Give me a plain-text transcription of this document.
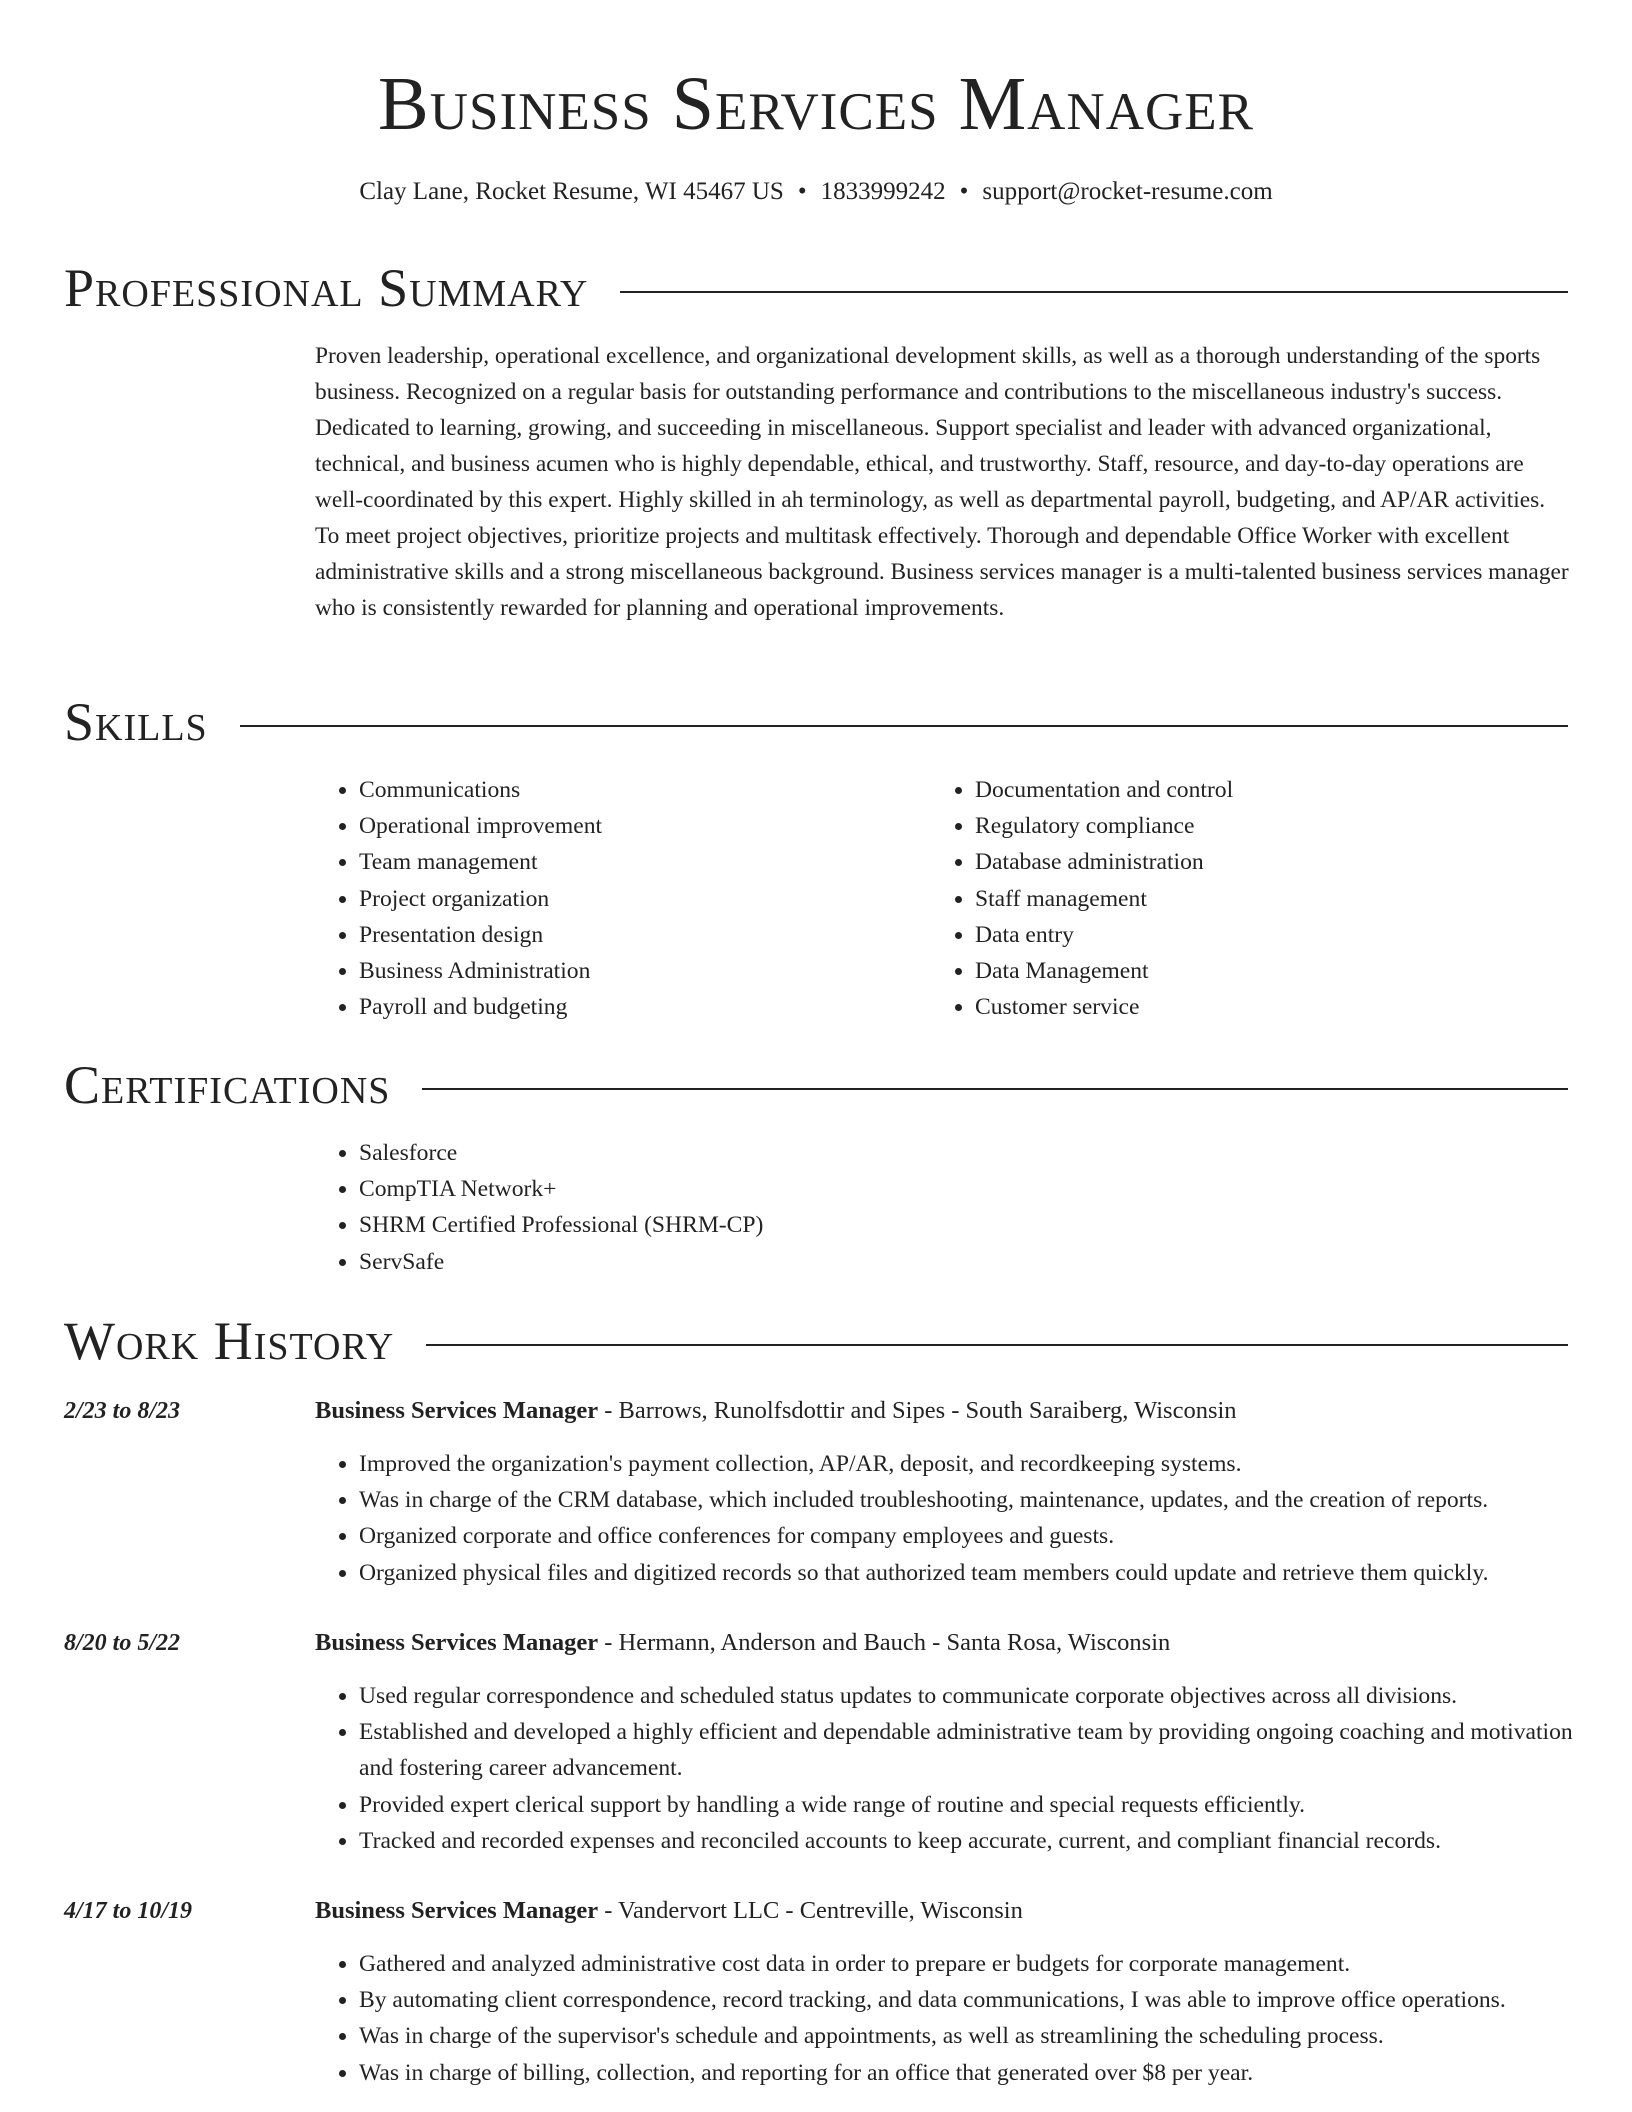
Business Services Manager
Clay Lane, Rocket Resume, WI 45467 US • 1833999242 • support@rocket-resume.com
Professional Summary

Proven leadership, operational excellence, and organizational development skills, as well as a thorough understanding of the sports business. Recognized on a regular basis for outstanding performance and contributions to the miscellaneous industry's success. Dedicated to learning, growing, and succeeding in miscellaneous. Support specialist and leader with advanced organizational, technical, and business acumen who is highly dependable, ethical, and trustworthy. Staff, resource, and day-to-day operations are well-coordinated by this expert. Highly skilled in ah terminology, as well as departmental payroll, budgeting, and AP/AR activities. To meet project objectives, prioritize projects and multitask effectively. Thorough and dependable Office Worker with excellent administrative skills and a strong miscellaneous background. Business services manager is a multi-talented business services manager who is consistently rewarded for planning and operational improvements.

Skills
• Communications
• Operational improvement
• Team management
• Project organization
• Presentation design
• Business Administration
• Payroll and budgeting
• Documentation and control
• Regulatory compliance
• Database administration
• Staff management
• Data entry
• Data Management
• Customer service
Certifications
• Salesforce
• CompTIA Network+
• SHRM Certified Professional (SHRM-CP)
• ServSafe
Work History
2/23 to 8/23	Business Services Manager - Barrows, Runolfsdottir and Sipes - South Saraiberg, Wisconsin
• Improved the organization's payment collection, AP/AR, deposit, and recordkeeping systems.
• Was in charge of the CRM database, which included troubleshooting, maintenance, updates, and the creation of reports.
• Organized corporate and office conferences for company employees and guests.
• Organized physical files and digitized records so that authorized team members could update and retrieve them quickly.
8/20 to 5/22	Business Services Manager - Hermann, Anderson and Bauch - Santa Rosa, Wisconsin
• Used regular correspondence and scheduled status updates to communicate corporate objectives across all divisions.
• Established and developed a highly efficient and dependable administrative team by providing ongoing coaching and motivation and fostering career advancement.
• Provided expert clerical support by handling a wide range of routine and special requests efficiently.
• Tracked and recorded expenses and reconciled accounts to keep accurate, current, and compliant financial records.
4/17 to 10/19	Business Services Manager - Vandervort LLC - Centreville, Wisconsin
• Gathered and analyzed administrative cost data in order to prepare er budgets for corporate management.
• By automating client correspondence, record tracking, and data communications, I was able to improve office operations.
• Was in charge of the supervisor's schedule and appointments, as well as streamlining the scheduling process.
• Was in charge of billing, collection, and reporting for an office that generated over $8 per year.
